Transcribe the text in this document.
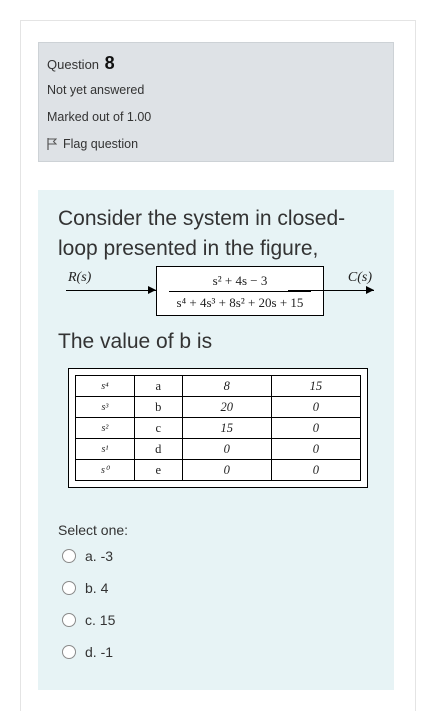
Question 8
Not yet answered
Marked out of 1.00
Flag question
Consider the system in closed-loop presented in the figure,
R(s)	s² + 4s − 3
s⁴ + 4s³ + 8s² + 20s + 15
C(s)
The value of b is
s⁴	a	8	15
s³	b	20	0
s²	c	15	0
s¹	d	0	0
s⁰	e	0	0
Select one:
a. -3
b. 4
c. 15
d. -1
